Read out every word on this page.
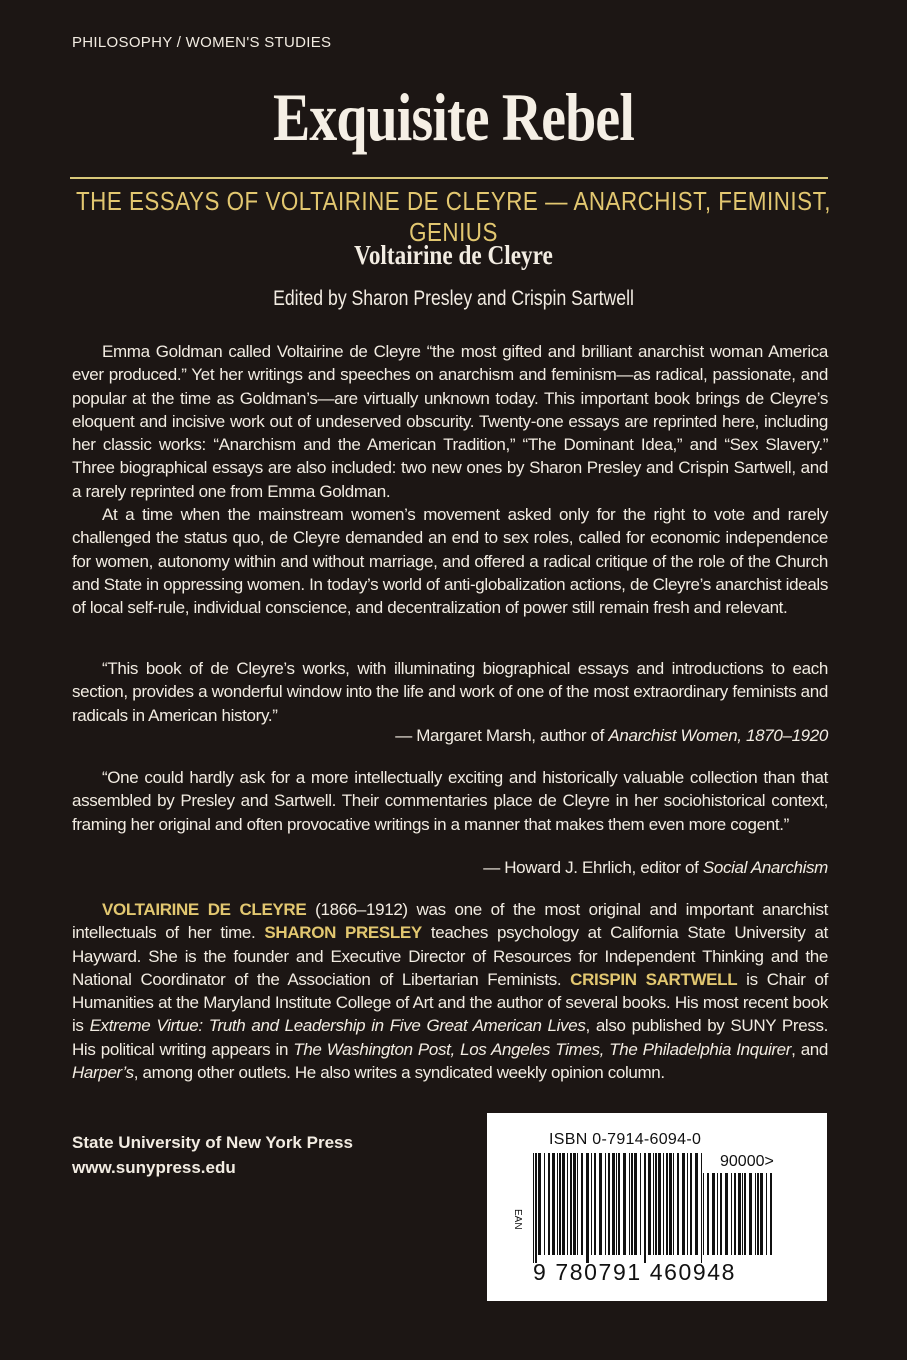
PHILOSOPHY / WOMEN'S STUDIES
Exquisite Rebel
THE ESSAYS OF VOLTAIRINE DE CLEYRE — ANARCHIST, FEMINIST, GENIUS
Voltairine de Cleyre
Edited by Sharon Presley and Crispin Sartwell

Emma Goldman called Voltairine de Cleyre “the most gifted and brilliant anarchist woman America ever produced.” Yet her writings and speeches on anarchism and feminism—as radical, passionate, and popular at the time as Goldman’s—are virtually unknown today. This important book brings de Cleyre’s eloquent and incisive work out of undeserved obscurity. Twenty-one essays are reprinted here, including her classic works: “Anarchism and the American Tradition,” “The Dominant Idea,” and “Sex Slavery.” Three biographical essays are also included: two new ones by Sharon Presley and Crispin Sartwell, and a rarely reprinted one from Emma Goldman.

At a time when the mainstream women’s movement asked only for the right to vote and rarely challenged the status quo, de Cleyre demanded an end to sex roles, called for economic independence for women, autonomy within and without marriage, and offered a radical critique of the role of the Church and State in oppressing women. In today’s world of anti-globalization actions, de Cleyre’s anarchist ideals of local self-rule, individual conscience, and decentralization of power still remain fresh and relevant.

“This book of de Cleyre’s works, with illuminating biographical essays and introductions to each section, provides a wonderful window into the life and work of one of the most extraordinary feminists and radicals in American history.”

— Margaret Marsh, author of Anarchist Women, 1870–1920

“One could hardly ask for a more intellectually exciting and historically valuable collection than that assembled by Presley and Sartwell. Their commentaries place de Cleyre in her sociohistorical context, framing her original and often provocative writings in a manner that makes them even more cogent.”

— Howard J. Ehrlich, editor of Social Anarchism

VOLTAIRINE DE CLEYRE (1866–1912) was one of the most original and important anarchist intellectuals of her time. SHARON PRESLEY teaches psychology at California State University at Hayward. She is the founder and Executive Director of Resources for Independent Thinking and the National Coordinator of the Association of Libertarian Feminists. CRISPIN SARTWELL is Chair of Humanities at the Maryland Institute College of Art and the author of several books. His most recent book is Extreme Virtue: Truth and Leadership in Five Great American Lives, also published by SUNY Press. His political writing appears in The Washington Post, Los Angeles Times, The Philadelphia Inquirer, and Harper’s, among other outlets. He also writes a syndicated weekly opinion column.

State University of New York Press
www.sunypress.edu
ISBN 0-7914-6094-0
90000>
EAN
9 780791 460948
